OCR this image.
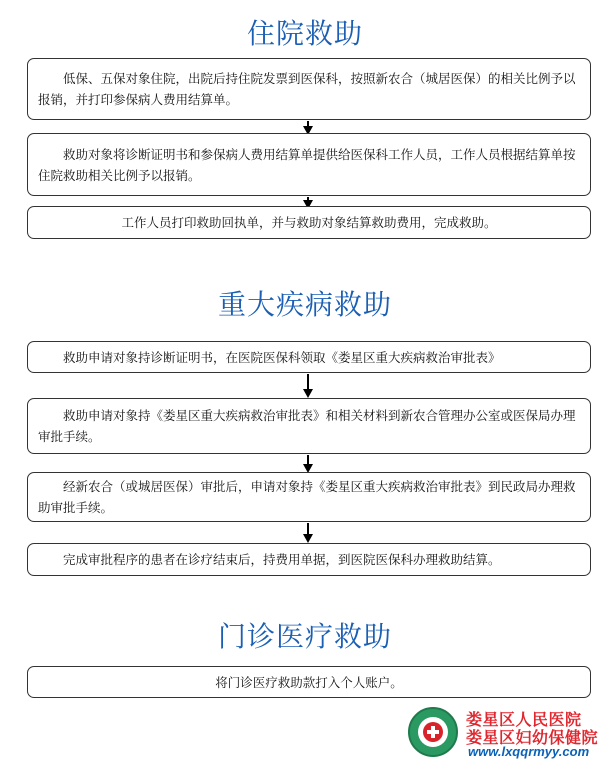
住院救助
低保、五保对象住院，出院后持住院发票到医保科，按照新农合（城居医保）的相关比例予以报销，并打印参保病人费用结算单。
救助对象将诊断证明书和参保病人费用结算单提供给医保科工作人员，工作人员根据结算单按住院救助相关比例予以报销。
工作人员打印救助回执单，并与救助对象结算救助费用，完成救助。
重大疾病救助
救助申请对象持诊断证明书，在医院医保科领取《娄星区重大疾病救治审批表》
救助申请对象持《娄星区重大疾病救治审批表》和相关材料到新农合管理办公室或医保局办理审批手续。
经新农合（或城居医保）审批后，申请对象持《娄星区重大疾病救治审批表》到民政局办理救助审批手续。
完成审批程序的患者在诊疗结束后，持费用单据，到医院医保科办理救助结算。
门诊医疗救助
将门诊医疗救助款打入个人账户。
娄星区人民医院
娄星区妇幼保健院
www.lxqqrmyy.com
